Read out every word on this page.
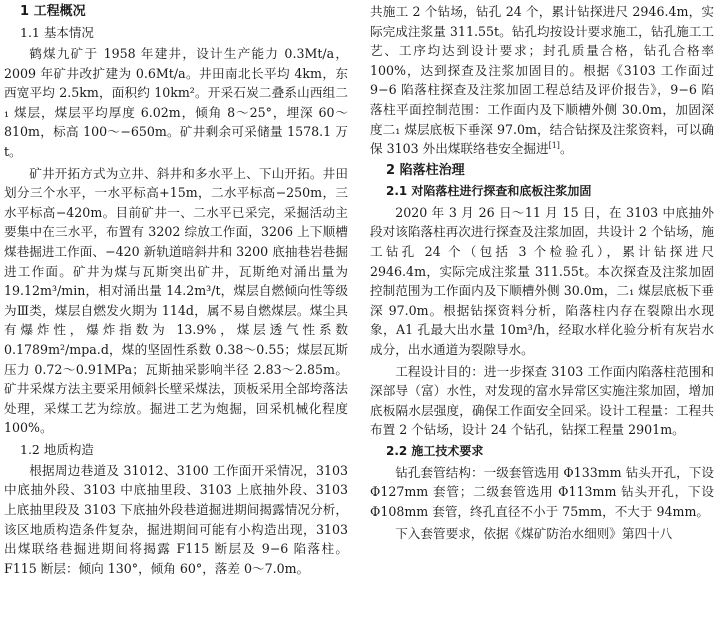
1 工程概况
1.1 基本情况

鹤煤九矿于 1958 年建井，设计生产能力 0.3Mt/a，2009 年矿井改扩建为 0.6Mt/a。井田南北长平均 4km，东西宽平均 2.5km，面积约 10km²。开采石炭二叠系山西组二₁ 煤层，煤层平均厚度 6.02m，倾角 8～25°，埋深 60～810m，标高 100～−650m。矿井剩余可采储量 1578.1 万 t。

矿井开拓方式为立井、斜井和多水平上、下山开拓。井田划分三个水平，一水平标高+15m，二水平标高−250m，三水平标高−420m。目前矿井一、二水平已采完，采掘活动主要集中在三水平，布置有 3202 综放工作面，3206 上下顺槽煤巷掘进工作面、−420 新轨道暗斜井和 3200 底抽巷岩巷掘进工作面。矿井为煤与瓦斯突出矿井，瓦斯绝对涌出量为 19.12m³/min，相对涌出量 14.2m³/t，煤层自燃倾向性等级为Ⅲ类，煤层自燃发火期为 114d，属不易自燃煤层。煤尘具有爆炸性，爆炸指数为 13.9%，煤层透气性系数 0.1789m²/mpa.d，煤的坚固性系数 0.38～0.55；煤层瓦斯压力 0.72～0.91MPa；瓦斯抽采影响半径 2.83～2.85m。矿井采煤方法主要采用倾斜长壁采煤法，顶板采用全部垮落法处理，采煤工艺为综放。掘进工艺为炮掘，回采机械化程度 100%。

1.2 地质构造

根据周边巷道及 31012、3100 工作面开采情况，3103 中底抽外段、3103 中底抽里段、3103 上底抽外段、3103 上底抽里段及 3103 下底抽外段巷道掘进期间揭露情况分析，该区地质构造条件复杂，掘进期间可能有小构造出现，3103 出煤联络巷掘进期间将揭露 F115 断层及 9−6 陷落柱。F115 断层：倾向 130°，倾角 60°，落差 0～7.0m。

共施工 2 个钻场，钻孔 24 个，累计钻探进尺 2946.4m，实际完成注浆量 311.55t。钻孔均按设计要求施工，钻孔施工工艺、工序均达到设计要求；封孔质量合格，钻孔合格率 100%，达到探查及注浆加固目的。根据《3103 工作面过 9−6 陷落柱探查及注浆加固工程总结及评价报告》，9−6 陷落柱平面控制范围：工作面内及下顺槽外侧 30.0m，加固深度二₁ 煤层底板下垂深 97.0m，结合钻探及注浆资料，可以确保 3103 外出煤联络巷安全掘进[1]。

2 陷落柱治理
2.1 对陷落柱进行探查和底板注浆加固

2020 年 3 月 26 日～11 月 15 日，在 3103 中底抽外段对该陷落柱再次进行探查及注浆加固，共设计 2 个钻场，施工钻孔 24 个（包括 3 个检验孔），累计钻探进尺 2946.4m，实际完成注浆量 311.55t。本次探查及注浆加固控制范围为工作面内及下顺槽外侧 30.0m，二₁ 煤层底板下垂深 97.0m。根据钻探资料分析，陷落柱内存在裂隙出水现象，A1 孔最大出水量 10m³/h，经取水样化验分析有灰岩水成分，出水通道为裂隙导水。

工程设计目的：进一步探查 3103 工作面内陷落柱范围和深部导（富）水性，对发现的富水异常区实施注浆加固，增加底板隔水层强度，确保工作面安全回采。设计工程量：工程共布置 2 个钻场，设计 24 个钻孔，钻探工程量 2901m。

2.2 施工技术要求

钻孔套管结构：一级套管选用 Φ133mm 钻头开孔，下设 Φ127mm 套管；二级套管选用 Φ113mm 钻头开孔，下设 Φ108mm 套管，终孔直径不小于 75mm，不大于 94mm。

下入套管要求，依据《煤矿防治水细则》第四十八
